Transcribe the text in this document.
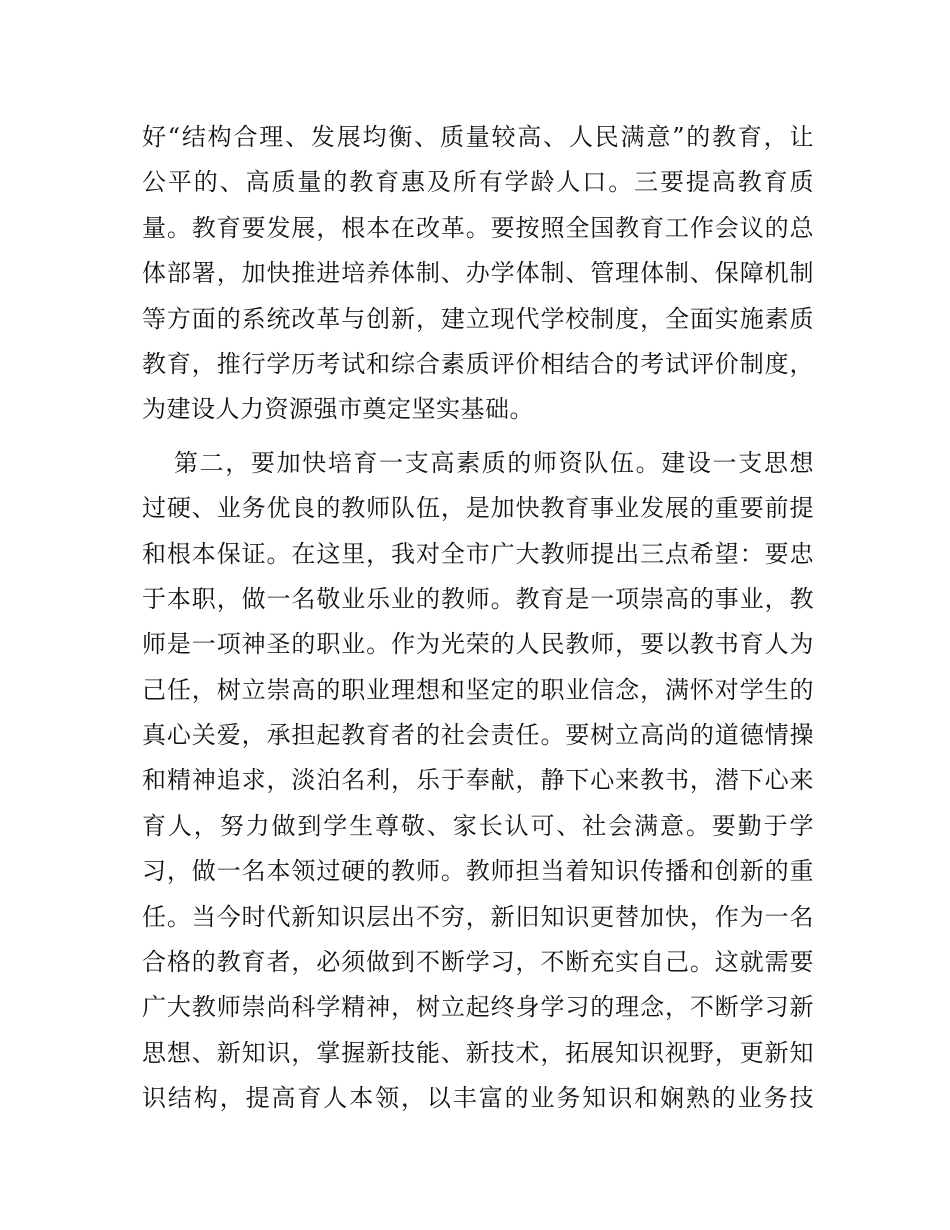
好“结构合理、发展均衡、质量较高、人民满意”的教育，让
公平的、高质量的教育惠及所有学龄人口。三要提高教育质
量。教育要发展，根本在改革。要按照全国教育工作会议的总
体部署，加快推进培养体制、办学体制、管理体制、保障机制
等方面的系统改革与创新，建立现代学校制度，全面实施素质
教育，推行学历考试和综合素质评价相结合的考试评价制度，
为建设人力资源强市奠定坚实基础。
第二，要加快培育一支高素质的师资队伍。建设一支思想
过硬、业务优良的教师队伍，是加快教育事业发展的重要前提
和根本保证。在这里，我对全市广大教师提出三点希望：要忠
于本职，做一名敬业乐业的教师。教育是一项崇高的事业，教
师是一项神圣的职业。作为光荣的人民教师，要以教书育人为
己任，树立崇高的职业理想和坚定的职业信念，满怀对学生的
真心关爱，承担起教育者的社会责任。要树立高尚的道德情操
和精神追求，淡泊名利，乐于奉献，静下心来教书，潜下心来
育人，努力做到学生尊敬、家长认可、社会满意。要勤于学
习，做一名本领过硬的教师。教师担当着知识传播和创新的重
任。当今时代新知识层出不穷，新旧知识更替加快，作为一名
合格的教育者，必须做到不断学习，不断充实自己。这就需要
广大教师崇尚科学精神，树立起终身学习的理念，不断学习新
思想、新知识，掌握新技能、新技术，拓展知识视野，更新知
识结构，提高育人本领，以丰富的业务知识和娴熟的业务技
